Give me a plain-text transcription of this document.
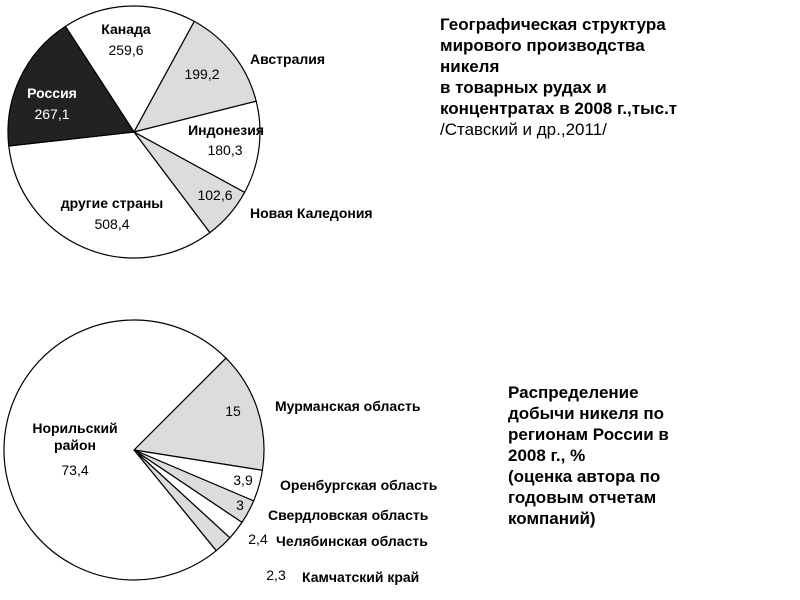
Канада
259,6
Австралия
199,2
Индонезия
180,3
Новая Каледония
102,6
другие страны
508,4
Россия
267,1
Мурманская область
15
Оренбургская область
3,9
Свердловская область
3
Челябинская область
2,4
Камчатский край
2,3
Норильский район
73,4
Географическая структура
мирового производства
никеля
в товарных рудах и
концентратах в 2008 г.,тыс.т
/Ставский и др.,2011/
Распределение
добычи никеля по
регионам России в
2008 г., %
(оценка автора по
годовым отчетам
компаний)
